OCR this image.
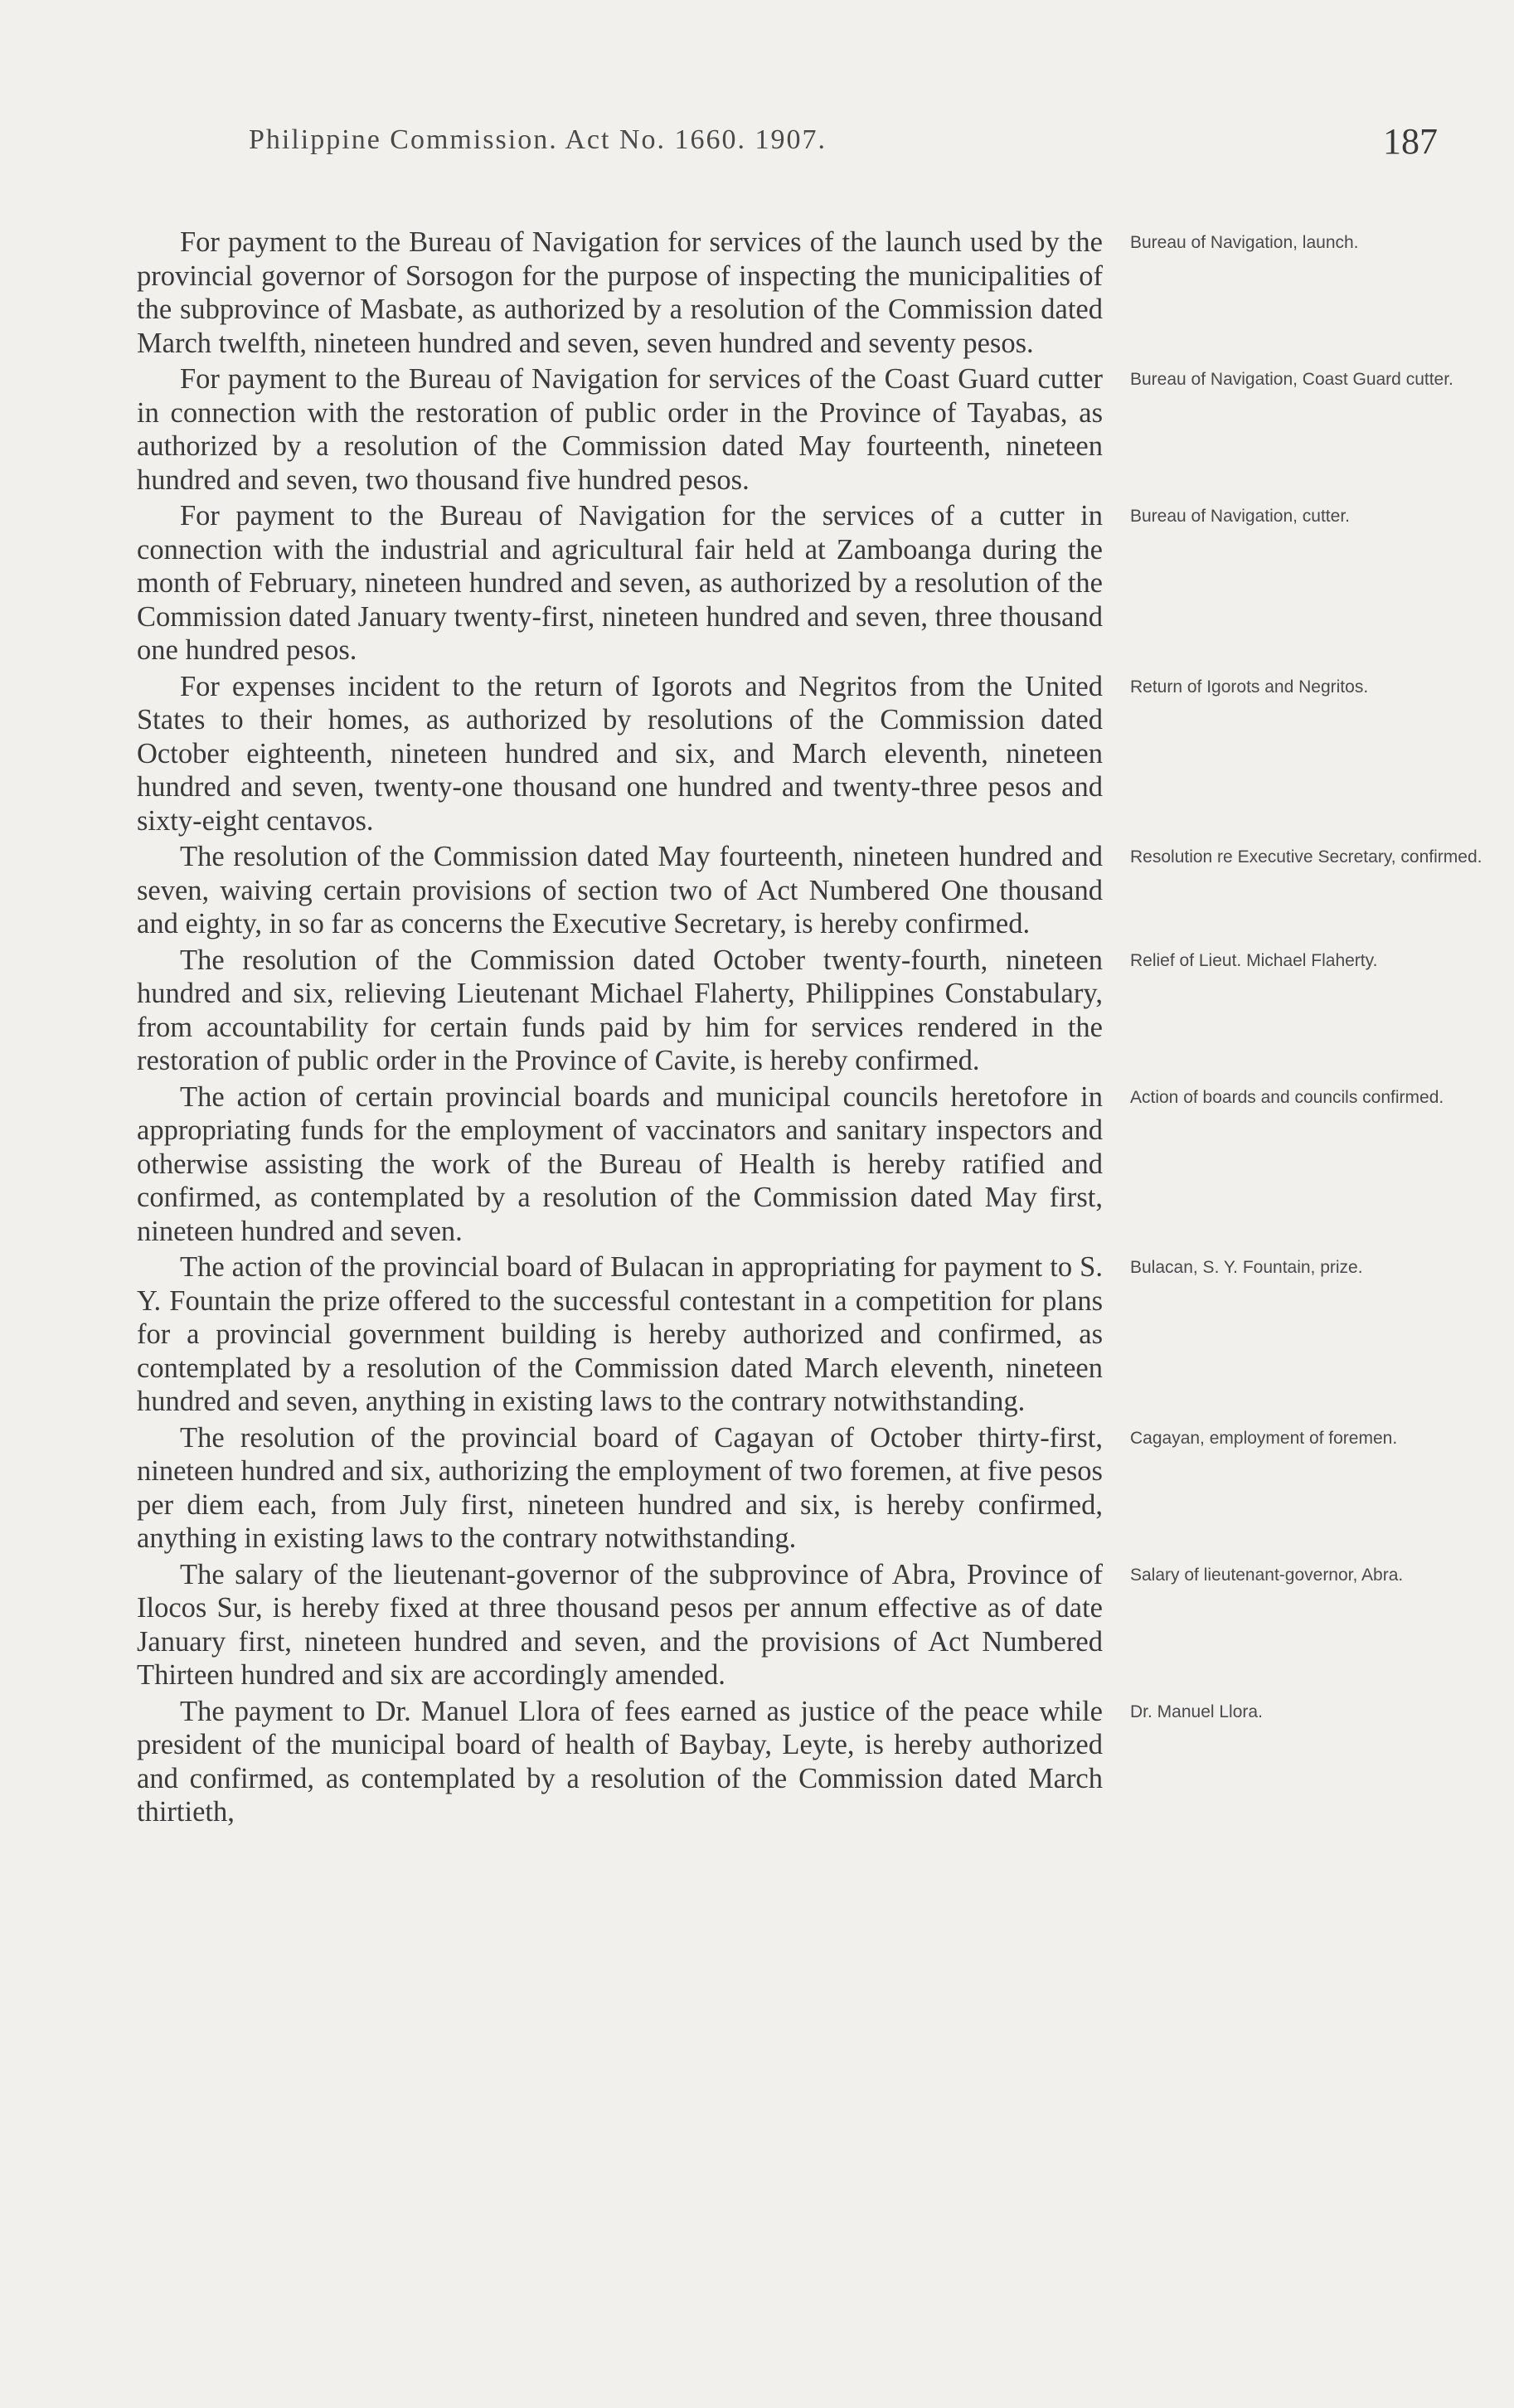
Philippine Commission. Act No. 1660. 1907.	187

For payment to the Bureau of Navigation for services of the launch used by the provincial governor of Sorsogon for the purpose of inspecting the municipalities of the subprovince of Masbate, as authorized by a resolution of the Commission dated March twelfth, nineteen hundred and seven, seven hundred and seventy pesos.
Bureau of Navigation, launch.

For payment to the Bureau of Navigation for services of the Coast Guard cutter in connection with the restoration of public order in the Province of Tayabas, as authorized by a resolution of the Commission dated May fourteenth, nineteen hundred and seven, two thousand five hundred pesos.
Bureau of Navigation, Coast Guard cutter.

For payment to the Bureau of Navigation for the services of a cutter in connection with the industrial and agricultural fair held at Zamboanga during the month of February, nineteen hundred and seven, as authorized by a resolution of the Commission dated January twenty-first, nineteen hundred and seven, three thousand one hundred pesos.
Bureau of Navigation, cutter.

For expenses incident to the return of Igorots and Negritos from the United States to their homes, as authorized by resolutions of the Commission dated October eighteenth, nineteen hundred and six, and March eleventh, nineteen hundred and seven, twenty-one thousand one hundred and twenty-three pesos and sixty-eight centavos.
Return of Igorots and Negritos.

The resolution of the Commission dated May fourteenth, nineteen hundred and seven, waiving certain provisions of section two of Act Numbered One thousand and eighty, in so far as concerns the Executive Secretary, is hereby confirmed.
Resolution re Executive Secretary, confirmed.

The resolution of the Commission dated October twenty-fourth, nineteen hundred and six, relieving Lieutenant Michael Flaherty, Philippines Constabulary, from accountability for certain funds paid by him for services rendered in the restoration of public order in the Province of Cavite, is hereby confirmed.
Relief of Lieut. Michael Flaherty.

The action of certain provincial boards and municipal councils heretofore in appropriating funds for the employment of vaccinators and sanitary inspectors and otherwise assisting the work of the Bureau of Health is hereby ratified and confirmed, as contemplated by a resolution of the Commission dated May first, nineteen hundred and seven.
Action of boards and councils confirmed.

The action of the provincial board of Bulacan in appropriating for payment to S. Y. Fountain the prize offered to the successful contestant in a competition for plans for a provincial government building is hereby authorized and confirmed, as contemplated by a resolution of the Commission dated March eleventh, nineteen hundred and seven, anything in existing laws to the contrary notwithstanding.
Bulacan, S. Y. Fountain, prize.

The resolution of the provincial board of Cagayan of October thirty-first, nineteen hundred and six, authorizing the employment of two foremen, at five pesos per diem each, from July first, nineteen hundred and six, is hereby confirmed, anything in existing laws to the contrary notwithstanding.
Cagayan, employment of foremen.

The salary of the lieutenant-governor of the subprovince of Abra, Province of Ilocos Sur, is hereby fixed at three thousand pesos per annum effective as of date January first, nineteen hundred and seven, and the provisions of Act Numbered Thirteen hundred and six are accordingly amended.
Salary of lieutenant-governor, Abra.

The payment to Dr. Manuel Llora of fees earned as justice of the peace while president of the municipal board of health of Baybay, Leyte, is hereby authorized and confirmed, as contemplated by a resolution of the Commission dated March thirtieth,
Dr. Manuel Llora.
